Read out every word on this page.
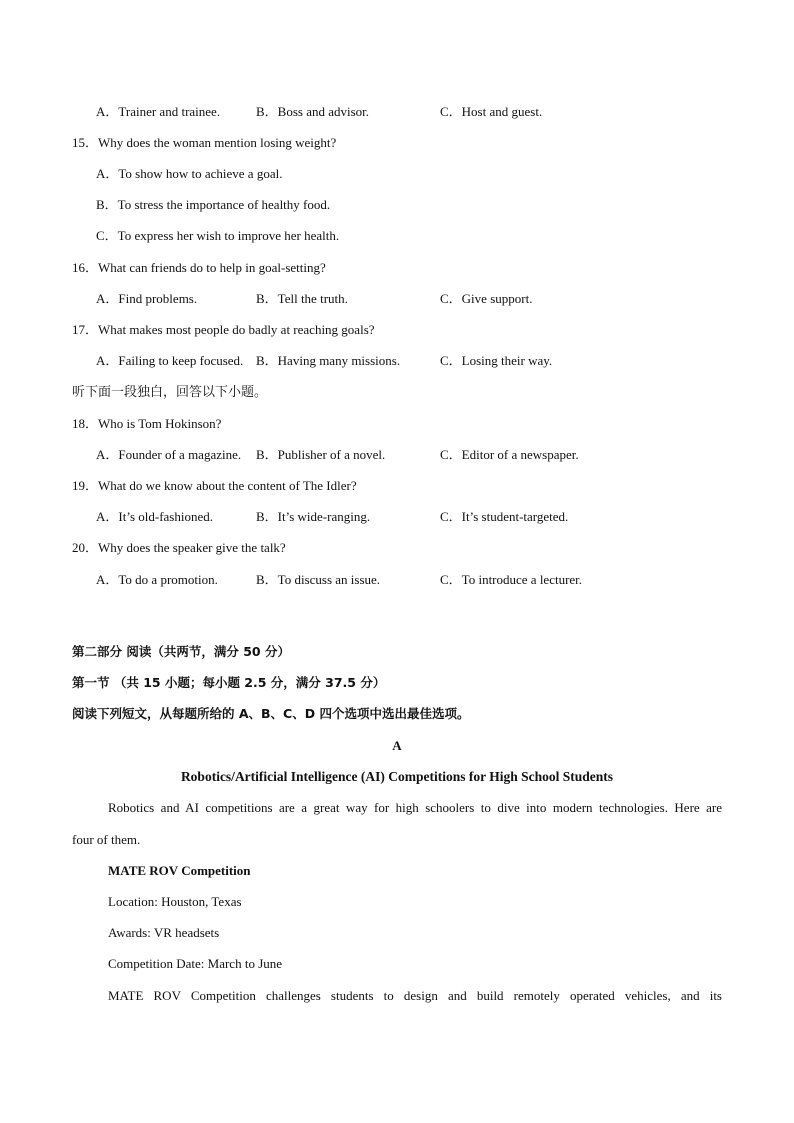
A．Trainer and trainee.	B．Boss and advisor.	C．Host and guest.
15．Why does the woman mention losing weight?
A．To show how to achieve a goal.
B．To stress the importance of healthy food.
C．To express her wish to improve her health.
16．What can friends do to help in goal-setting?
A．Find problems.	B．Tell the truth.	C．Give support.
17．What makes most people do badly at reaching goals?
A．Failing to keep focused. B．Having many missions.	C．Losing their way.
听下面一段独白，回答以下小题。
18．Who is Tom Hokinson?
A．Founder of a magazine. B．Publisher of a novel.	C．Editor of a newspaper.
19．What do we know about the content of The Idler?
A．It’s old-fashioned.	B．It’s wide-ranging.	C．It’s student-targeted.
20．Why does the speaker give the talk?
A．To do a promotion.	B．To discuss an issue.	C．To introduce a lecturer.
第二部分 阅读（共两节，满分 50 分）
第一节 （共 15 小题；每小题 2.5 分，满分 37.5 分）
阅读下列短文，从每题所给的 A、B、C、D 四个选项中选出最佳选项。
A
Robotics/Artificial Intelligence (AI) Competitions for High School Students
Robotics and AI competitions are a great way for high schoolers to dive into modern technologies. Here are
four of them.
MATE ROV Competition
Location: Houston, Texas
Awards: VR headsets
Competition Date: March to June
MATE ROV Competition challenges students to design and build remotely operated vehicles, and its
